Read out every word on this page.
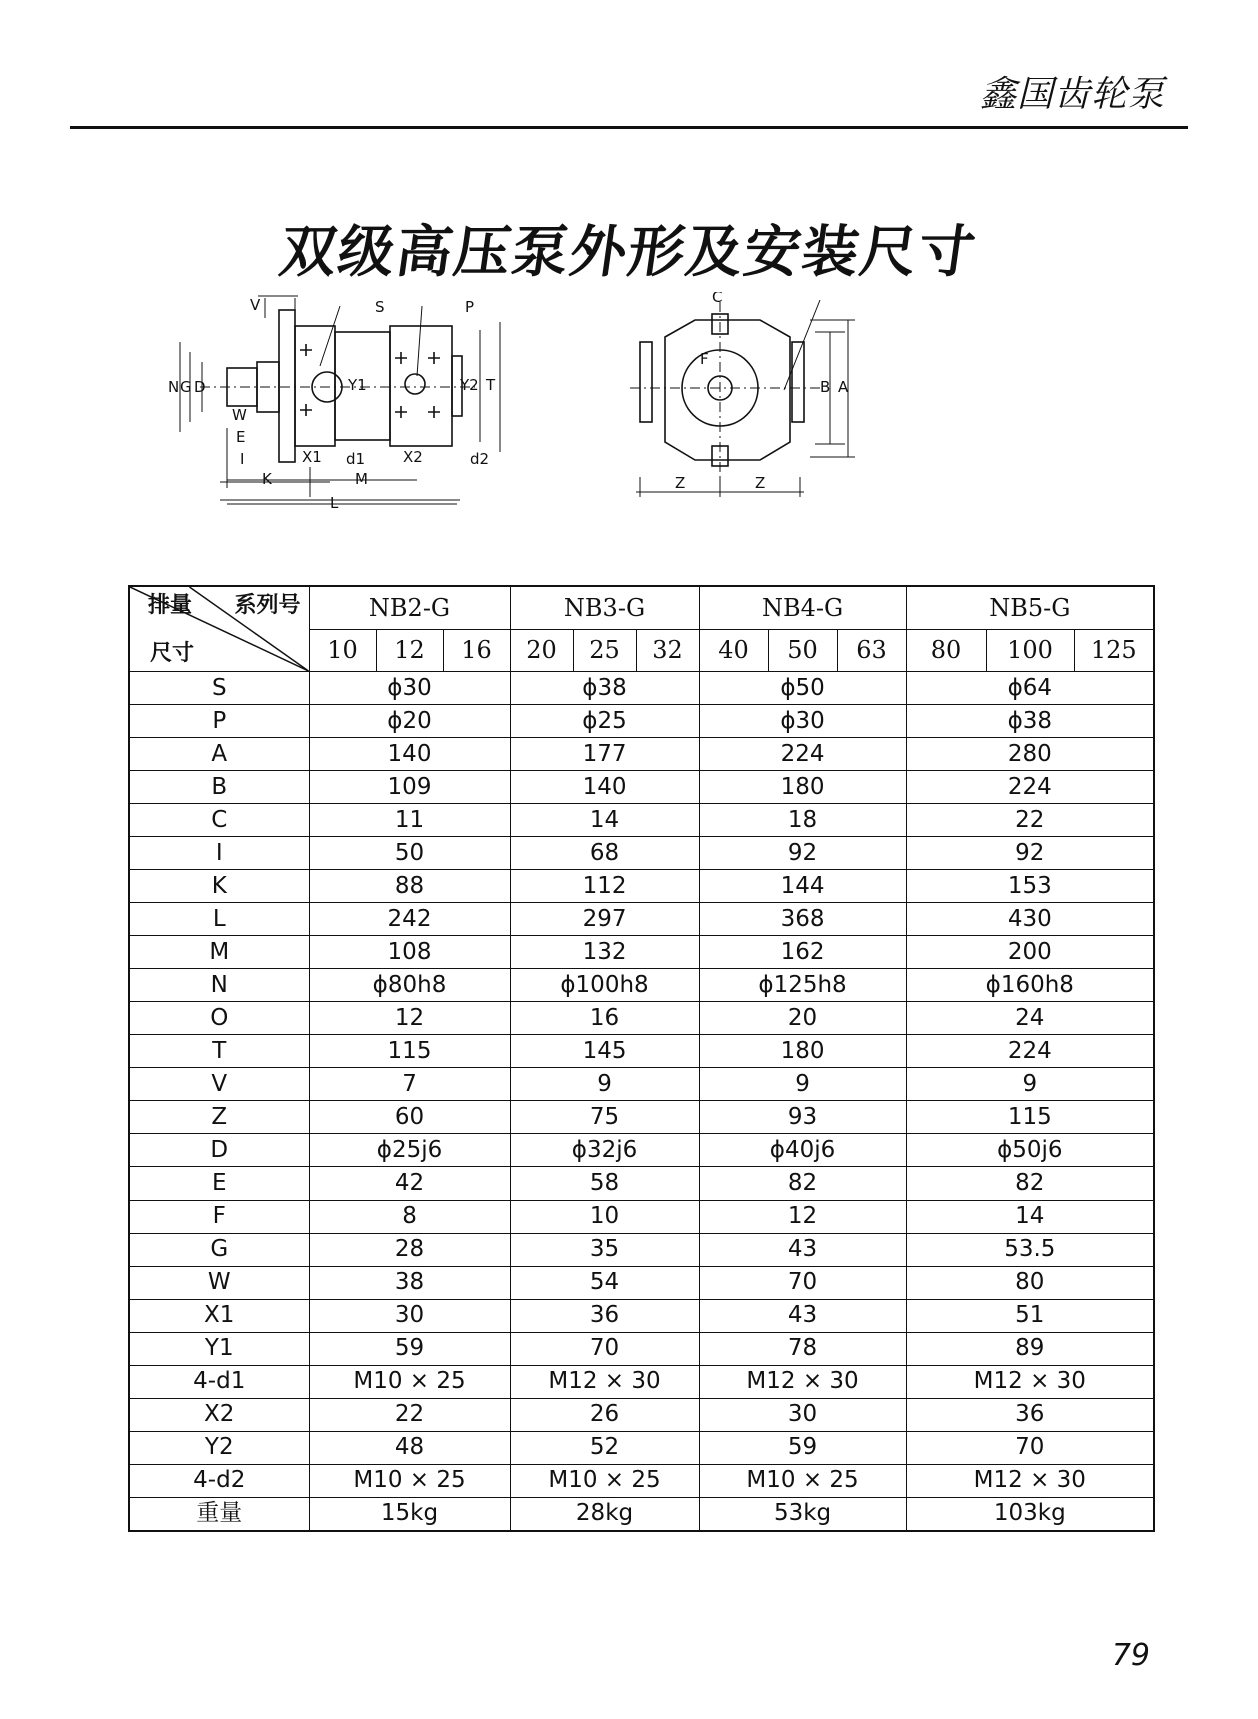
鑫国齿轮泵
双级高压泵外形及安装尺寸
V	S	P
N G D	Y1	Y2 T
W
E
I	X1 d1	X2	d2
K	M
L
C
F
B A
Z	Z
排量 系列号
尺寸	NB2-G			NB3-G			NB4-G			NB5-G		
	10	12	16	20	25	32	40	50	63	80	100	125
S	ϕ30			ϕ38			ϕ50			ϕ64		
P	ϕ20			ϕ25			ϕ30			ϕ38		
A	140			177			224			280		
B	109			140			180			224		
C	11			14			18			22		
I	50			68			92			92		
K	88			112			144			153		
L	242			297			368			430		
M	108			132			162			200		
N	ϕ80h8			ϕ100h8			ϕ125h8			ϕ160h8		
O	12			16			20			24		
T	115			145			180			224		
V	7			9			9			9		
Z	60			75			93			115		
D	ϕ25j6			ϕ32j6			ϕ40j6			ϕ50j6		
E	42			58			82			82		
F	8			10			12			14		
G	28			35			43			53.5		
W	38			54			70			80		
X1	30			36			43			51		
Y1	59			70			78			89		
4-d1	M10 × 25			M12 × 30			M12 × 30			M12 × 30		
X2	22			26			30			36		
Y2	48			52			59			70		
4-d2	M10 × 25			M10 × 25			M10 × 25			M12 × 30		
重量	15kg			28kg			53kg			103kg		
79
